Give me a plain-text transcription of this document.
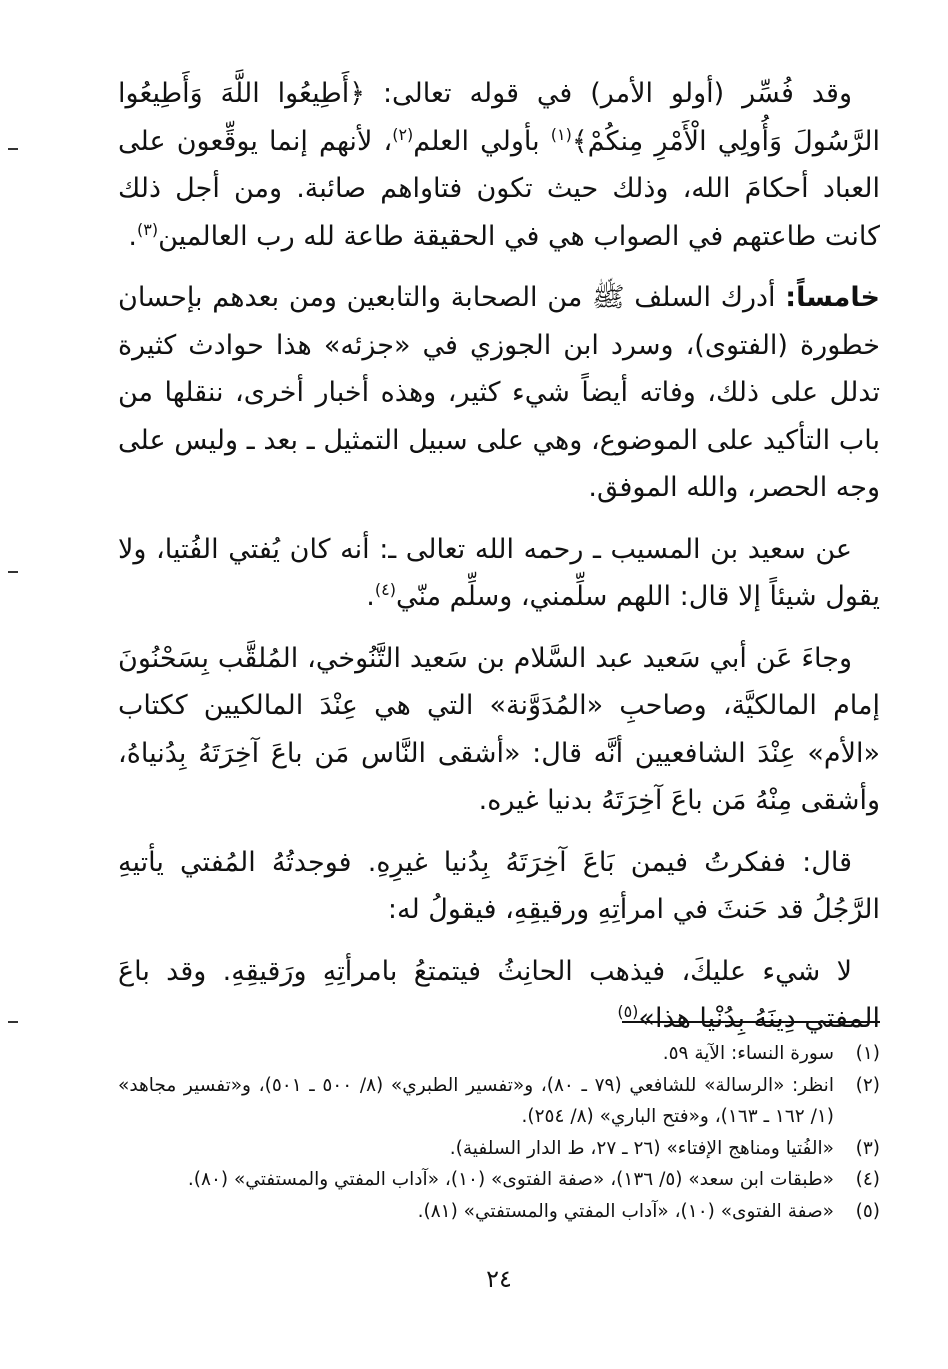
وقد فُسِّر (أولو الأمر) في قوله تعالى: ﴿أَطِيعُوا اللَّهَ وَأَطِيعُوا الرَّسُولَ وَأُولِي الْأَمْرِ مِنكُمْ﴾$^{(١)}$ بأولي العلم$^{(٢)}$، لأنهم إنما يوقِّعون على العباد أحكامَ الله، وذلك حيث تكون فتاواهم صائبة. ومن أجل ذلك كانت طاعتهم في الصواب هي في الحقيقة طاعة لله رب العالمين$^{(٣)}$.

خامساً: أدرك السلف ﷺ من الصحابة والتابعين ومن بعدهم بإحسان خطورة (الفتوى)، وسرد ابن الجوزي في «جزئه» هذا حوادث كثيرة تدلل على ذلك، وفاته أيضاً شيء كثير، وهذه أخبار أخرى، ننقلها من باب التأكيد على الموضوع، وهي على سبيل التمثيل ـ بعد ـ وليس على وجه الحصر، والله الموفق.

عن سعيد بن المسيب ـ رحمه الله تعالى ـ: أنه كان يُفتي الفُتيا، ولا يقول شيئاً إلا قال: اللهم سلِّمني، وسلِّم منّي$^{(٤)}$.

وجاءَ عَن أبي سَعيد عبد السَّلام بن سَعيد التَّنُوخي، المُلقَّب بِسَحْنُونَ إمام المالكيَّة، وصاحبِ «المُدَوَّنة» التي هي عِنْدَ المالكيين ككتاب «الأم» عِنْدَ الشافعيين أنَّه قال: «أشقى النَّاس مَن باعَ آخِرَتَهُ بِدُنياهُ، وأشقى مِنْهُ مَن باعَ آخِرَتَهُ بدنيا غيره.

قال: ففكرتُ فيمن بَاعَ آخِرَتَهُ بِدُنيا غيرِهِ. فوجدتُهُ المُفتي يأتيهِ الرَّجُلُ قد حَنثَ في امرأتِهِ ورقيقِهِ، فيقولُ له:

لا شيء عليكَ، فيذهب الحانِثُ فيتمتعُ بامرأتِهِ ورَقيقِهِ. وقد باعَ المفتي دِينَهُ بِدُنْيا هذا»$^{(٥)}$

(١)
سورة النساء: الآية ٥٩.
(٢)
انظر: «الرسالة» للشافعي (٧٩ ـ ٨٠)، و«تفسير الطبري» (٨/ ٥٠٠ ـ ٥٠١)، و«تفسير مجاهد» (١/ ١٦٢ ـ ١٦٣)، و«فتح الباري» (٨/ ٢٥٤).
(٣)
«الفُتيا ومناهج الإفتاء» (٢٦ ـ ٢٧، ط الدار السلفية).
(٤)
«طبقات ابن سعد» (٥/ ١٣٦)، «صفة الفتوى» (١٠)، «آداب المفتي والمستفتي» (٨٠).
(٥)
«صفة الفتوى» (١٠)، «آداب المفتي والمستفتي» (٨١).
٢٤
